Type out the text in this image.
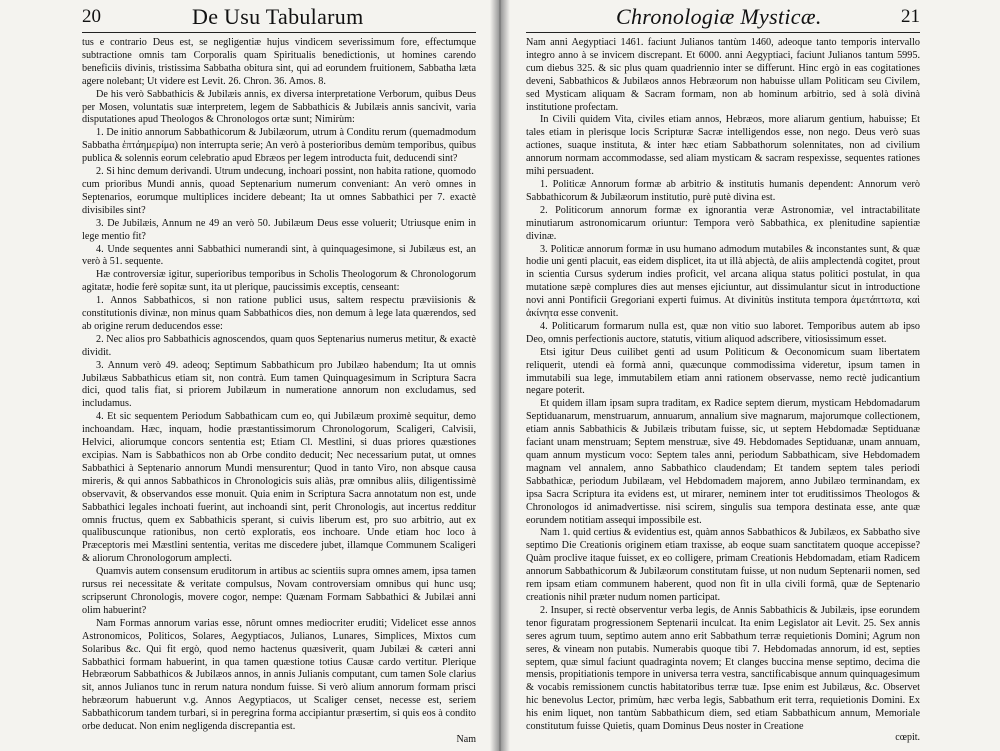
20	De Usu Tabularum

tus e contrario Deus est, se negligentiæ hujus vindicem severissimum fore, effectumque subtractione omnis tam Corporalis quam Spiritualis benedictionis, ut homines carendo beneficiis divinis, tristissima Sabbatha obitura sint, qui ad eorundem fruitionem, Sabbatha læta agere nolebant; Ut videre est Levit. 26. Chron. 36. Amos. 8.

De his verò Sabbathicis & Jubilæis annis, ex diversa interpretatione Verborum, quibus Deus per Mosen, voluntatis suæ interpretem, legem de Sabbathicis & Jubilæis annis sancivit, varia disputationes apud Theologos & Chronologos ortæ sunt; Nimirùm:

1. De initio annorum Sabbathicorum & Jubilæorum, utrum à Conditu rerum (quemadmodum Sabbatha ἑπτάημερίμα) non interrupta serie; An verò à posterioribus demùm temporibus, quibus publica & solennis eorum celebratio apud Ebræos per legem introducta fuit, deducendi sint?

2. Si hinc demum derivandi. Utrum undecung, inchoari possint, non habita ratione, quomodo cum prioribus Mundi annis, quoad Septenarium numerum conveniant: An verò omnes in Septenarios, eorumque multiplices incidere debeant; Ita ut omnes Sabbathici per 7. exactè divisibiles sint?

3. De Jubilæis, Annum ne 49 an verò 50. Jubilæum Deus esse voluerit; Utriusque enim in lege mentio fit?

4. Unde sequentes anni Sabbathici numerandi sint, à quinquagesimone, si Jubilæus est, an verò à 51. sequente.

Hæ controversiæ igitur, superioribus temporibus in Scholis Theologorum & Chronologorum agitatæ, hodie ferè sopitæ sunt, ita ut plerique, paucissimis exceptis, censeant:

1. Annos Sabbathicos, si non ratione publici usus, saltem respectu præviisionis & constitutionis divinæ, non minus quam Sabbathicos dies, non demum à lege lata quærendos, sed ab origine rerum deducendos esse:

2. Nec alios pro Sabbathicis agnoscendos, quam quos Septenarius numerus metitur, & exactè dividit.

3. Annum verò 49. adeoq; Septimum Sabbathicum pro Jubilæo habendum; Ita ut omnis Jubilæus Sabbathicus etiam sit, non contrà. Eum tamen Quinquagesimum in Scriptura Sacra dici, quod talis fiat, si priorem Jubilæum in numeratione annorum non excludamus, sed includamus.

4. Et sic sequentem Periodum Sabbathicam cum eo, qui Jubilæum proximè sequitur, demo inchoandam. Hæc, inquam, hodie præstantissimorum Chronologorum, Scaligeri, Calvisii, Helvici, aliorumque concors sententia est; Etiam Cl. Mestlini, si duas priores quæstiones excipias. Nam is Sabbathicos non ab Orbe condito deducit; Nec necessarium putat, ut omnes Sabbathici à Septenario annorum Mundi mensurentur; Quod in tanto Viro, non absque causa mireris, & qui annos Sabbathicos in Chronologicis suis aliàs, præ omnibus aliis, diligentissimè observavit, & observandos esse monuit. Quia enim in Scriptura Sacra annotatum non est, unde Sabbathici legales inchoati fuerint, aut inchoandi sint, perit Chronologis, aut incertus redditur omnis fructus, quem ex Sabbathicis sperant, si cuivis liberum est, pro suo arbitrio, aut ex qualibuscunque rationibus, non certò exploratis, eos inchoare. Unde etiam hoc loco à Præceptoris mei Mæstlini sententia, veritas me discedere jubet, illamque Communem Scaligeri & aliorum Chronologorum amplecti.

Quamvis autem consensum eruditorum in artibus ac scientiis supra omnes amem, ipsa tamen rursus rei necessitate & veritate compulsus, Novam controversiam omnibus qui hunc usq; scripserunt Chronologis, movere cogor, nempe: Quænam Formam Sabbathici & Jubilæi anni olim habuerint?

Nam Formas annorum varias esse, nôrunt omnes mediocriter eruditi; Videlicet esse annos Astronomicos, Politicos, Solares, Aegyptiacos, Julianos, Lunares, Simplices, Mixtos cum Solaribus &c. Qui fit ergò, quod nemo hactenus quæsiverit, quam Jubilæi & cæteri anni Sabbathici formam habuerint, in qua tamen quæstione totius Causæ cardo vertitur. Plerique Hebræorum Sabbathicos & Jubilæos annos, in annis Julianis computant, cum tamen Sole clarius sit, annos Julianos tunc in rerum natura nondum fuisse. Si verò alium annorum formam prisci hebræorum habuerunt v.g. Annos Aegyptiacos, ut Scaliger censet, necesse est, seriem Sabbathicorum tandem turbari, si in peregrina forma accipiantur præsertim, si quis eos à condito orbe deducat. Non enim negligenda discrepantia est.

Nam
Chronologiæ Mysticæ.	21

Nam anni Aegyptiaci 1461. faciunt Julianos tantùm 1460, adeoque tanto temporis intervallo integro anno à se invicem discrepant. Et 6000. anni Aegyptiaci, faciunt Julianos tantum 5995. cum diebus 325. & sic plus quam quadriennio inter se differunt. Hinc ergò in eas cogitationes deveni, Sabbathicos & Jubilæos annos Hebræorum non habuisse ullam Politicam seu Civilem, sed Mysticam aliquam & Sacram formam, non ab hominum arbitrio, sed à solà divinà institutione profectam.

In Civili quidem Vita, civiles etiam annos, Hebræos, more aliarum gentium, habuisse; Et tales etiam in plerisque locis Scripturæ Sacræ intelligendos esse, non nego. Deus verò suas actiones, suaque instituta, & inter hæc etiam Sabbathorum solennitates, non ad civilium annorum normam accommodasse, sed aliam mysticam & sacram respexisse, sequentes rationes mihi persuadent.

1. Politicæ Annorum formæ ab arbitrio & institutis humanis dependent: Annorum verò Sabbathicorum & Jubilæorum institutio, purè putè divina est.

2. Politicorum annorum formæ ex ignorantia veræ Astronomiæ, vel intractabilitate minutiarum astronomicarum oriuntur: Tempora verò Sabbathica, ex plenitudine sapientiæ divinæ.

3. Politicæ annorum formæ in usu humano admodum mutabiles & inconstantes sunt, & quæ hodie uni genti placuit, eas eidem displicet, ita ut illà abjectà, de aliis amplectendà cogitet, prout in scientia Cursus syderum indies proficit, vel arcana aliqua status politici postulat, in qua mutatione sæpè complures dies aut menses ejiciuntur, aut dissimulantur sicut in introductione novi anni Pontificii Gregoriani experti fuimus. At divinitùs instituta tempora ἀμετάπτωτα, καὶ ἀκίνητα esse convenit.

4. Politicarum formarum nulla est, quæ non vitio suo laboret. Temporibus autem ab ipso Deo, omnis perfectionis auctore, statutis, vitium aliquod adscribere, vitiosissimum esset.

Etsi igitur Deus cuilibet genti ad usum Politicum & Oeconomicum suam libertatem reliquerit, utendi eà formà anni, quæcunque commodissima videretur, ipsum tamen in immutabili sua lege, immutabilem etiam anni rationem observasse, nemo rectè judicantium negare poterit.

Et quidem illam ipsam supra traditam, ex Radice septem dierum, mysticam Hebdomadarum Septiduanarum, menstruarum, annuarum, annalium sive magnarum, majorumque collectionem, etiam annis Sabbathicis & Jubilæis tributam fuisse, sic, ut septem Hebdomadæ Septiduanæ faciant unam menstruam; Septem menstruæ, sive 49. Hebdomades Septiduanæ, unam annuam, quam annum mysticum voco: Septem tales anni, periodum Sabbathicam, sive Hebdomadem magnam vel annalem, anno Sabbathico claudendam; Et tandem septem tales periodi Sabbathicæ, periodum Jubilæam, vel Hebdomadem majorem, anno Jubilæo terminandam, ex ipsa Sacra Scriptura ita evidens est, ut mirarer, neminem inter tot eruditissimos Theologos & Chronologos id animadvertisse. nisi scirem, singulis sua tempora destinata esse, ante quæ eorundem notitiam assequi impossibile est.

Nam 1. quid certius & evidentius est, quàm annos Sabbathicos & Jubilæos, ex Sabbatho sive septimo Die Creationis originem etiam traxisse, ab eoque suam sanctitatem quoque accepisse? Quàm proclive itaque fuisset, ex eo colligere, primam Creationis Hebdomadam, etiam Radicem annorum Sabbathicorum & Jubilæorum constitutam fuisse, ut non nudum Septenarii nomen, sed rem ipsam etiam communem haberent, quod non fit in ulla civili formâ, quæ de Septenario creationis nihil præter nudum nomen participat.

2. Insuper, si rectè observentur verba legis, de Annis Sabbathicis & Jubilæis, ipse eorundem tenor figuratam progressionem Septenarii inculcat. Ita enim Legislator ait Levit. 25. Sex annis seres agrum tuum, septimo autem anno erit Sabbathum terræ requietionis Domini; Agrum non seres, & vineam non putabis. Numerabis quoque tibi 7. Hebdomadas annorum, id est, septies septem, quæ simul faciunt quadraginta novem; Et clanges buccina mense septimo, decima die mensis, propitiationis tempore in universa terra vestra, sanctificabisque annum quinquagesimum & vocabis remissionem cunctis habitatoribus terræ tuæ. Ipse enim est Jubilæus, &c. Observet hic benevolus Lector, primùm, hæc verba legis, Sabbathum erit terra, requietionis Domini. Ex his enim liquet, non tantùm Sabbathicum diem, sed etiam Sabbathicum annum, Memoriale constitutum fuisse Quietis, quam Dominus Deus noster in Creatione

cœpit.
